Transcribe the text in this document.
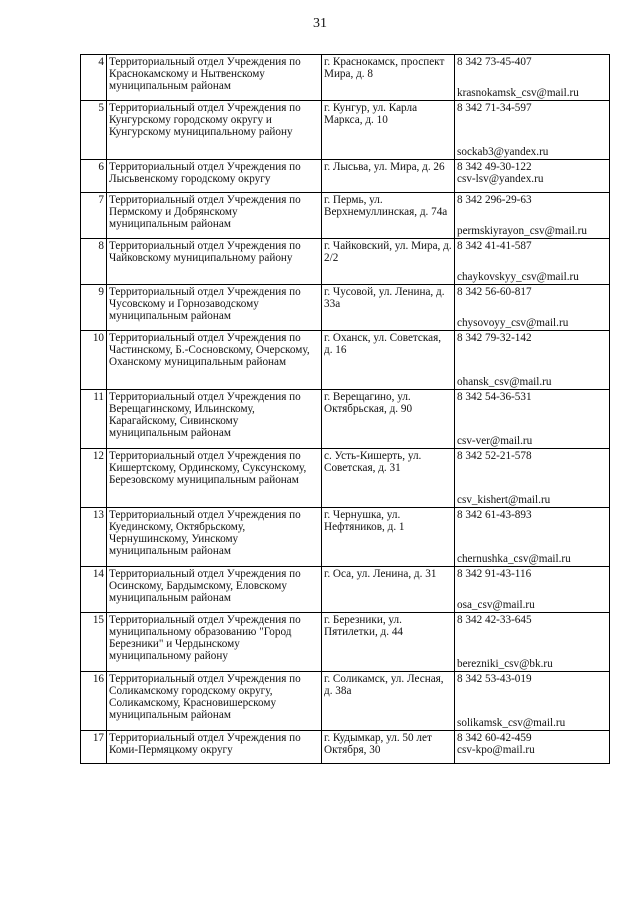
31
4	Территориальный отдел Учреждения по Краснокамскому и Нытвенскому муниципальным районам	г. Краснокамск, проспект Мира, д. 8	8 342 73-45-407
krasnokamsk_csv@mail.ru

5	Территориальный отдел Учреждения по Кунгурскому городскому округу и Кунгурскому муниципальному району	г. Кунгур, ул. Карла Маркса, д. 10	8 342 71-34-597
sockab3@yandex.ru

6	Территориальный отдел Учреждения по Лысьвенскому городскому округу	г. Лысьва, ул. Мира, д. 26	8 342 49-30-122
csv-lsv@yandex.ru

7	Территориальный отдел Учреждения по Пермскому и Добрянскому муниципальным районам	г. Пермь, ул. Верхнемуллинская, д. 74а	8 342 296-29-63
permskiyrayon_csv@mail.ru

8	Территориальный отдел Учреждения по Чайковскому муниципальному району	г. Чайковский, ул. Мира, д. 2/2	8 342 41-41-587
chaykovskyy_csv@mail.ru

9	Территориальный отдел Учреждения по Чусовскому и Горнозаводскому муниципальным районам	г. Чусовой, ул. Ленина, д. 33а	8 342 56-60-817
chysovoyy_csv@mail.ru

10	Территориальный отдел Учреждения по Частинскому, Б.-Сосновскому, Очерскому, Оханскому муниципальным районам	г. Оханск, ул. Советская, д. 16	8 342 79-32-142
ohansk_csv@mail.ru

11	Территориальный отдел Учреждения по Верещагинскому, Ильинскому, Карагайскому, Сивинскому муниципальным районам	г. Верещагино, ул. Октябрьская, д. 90	8 342 54-36-531
csv-ver@mail.ru

12	Территориальный отдел Учреждения по Кишертскому, Ординскому, Суксунскому, Березовскому муниципальным районам	с. Усть-Кишерть, ул. Советская, д. 31	8 342 52-21-578
csv_kishert@mail.ru

13	Территориальный отдел Учреждения по Куединскому, Октябрьскому, Чернушинскому, Уинскому муниципальным районам	г. Чернушка, ул. Нефтяников, д. 1	8 342 61-43-893
chernushka_csv@mail.ru

14	Территориальный отдел Учреждения по Осинскому, Бардымскому, Еловскому муниципальным районам	г. Оса, ул. Ленина, д. 31	8 342 91-43-116
osa_csv@mail.ru

15	Территориальный отдел Учреждения по муниципальному образованию "Город Березники" и Чердынскому муниципальному району	г. Березники, ул. Пятилетки, д. 44	8 342 42-33-645
berezniki_csv@bk.ru

16	Территориальный отдел Учреждения по Соликамскому городскому округу, Соликамскому, Красновишерскому муниципальным районам	г. Соликамск, ул. Лесная, д. 38а	8 342 53-43-019
solikamsk_csv@mail.ru

17	Территориальный отдел Учреждения по Коми-Пермяцкому округу	г. Кудымкар, ул. 50 лет Октября, 30	8 342 60-42-459
csv-kpo@mail.ru
